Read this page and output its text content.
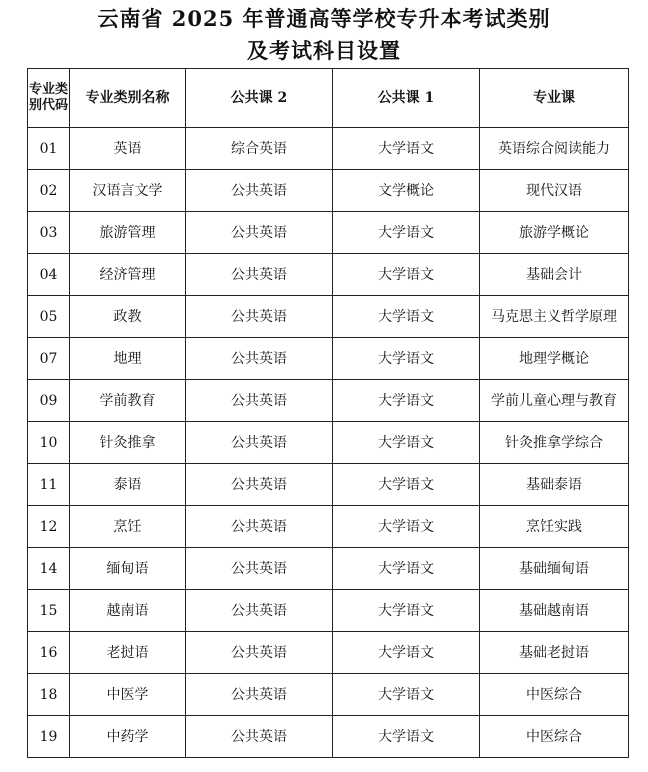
云南省 2025 年普通高等学校专升本考试类别
及考试科目设置
专业类别代码	专业类别名称	公共课 2	公共课 1	专业课
01	英语	综合英语	大学语文	英语综合阅读能力
02	汉语言文学	公共英语	文学概论	现代汉语
03	旅游管理	公共英语	大学语文	旅游学概论
04	经济管理	公共英语	大学语文	基础会计
05	政教	公共英语	大学语文	马克思主义哲学原理
07	地理	公共英语	大学语文	地理学概论
09	学前教育	公共英语	大学语文	学前儿童心理与教育
10	针灸推拿	公共英语	大学语文	针灸推拿学综合
11	泰语	公共英语	大学语文	基础泰语
12	烹饪	公共英语	大学语文	烹饪实践
14	缅甸语	公共英语	大学语文	基础缅甸语
15	越南语	公共英语	大学语文	基础越南语
16	老挝语	公共英语	大学语文	基础老挝语
18	中医学	公共英语	大学语文	中医综合
19	中药学	公共英语	大学语文	中医综合
